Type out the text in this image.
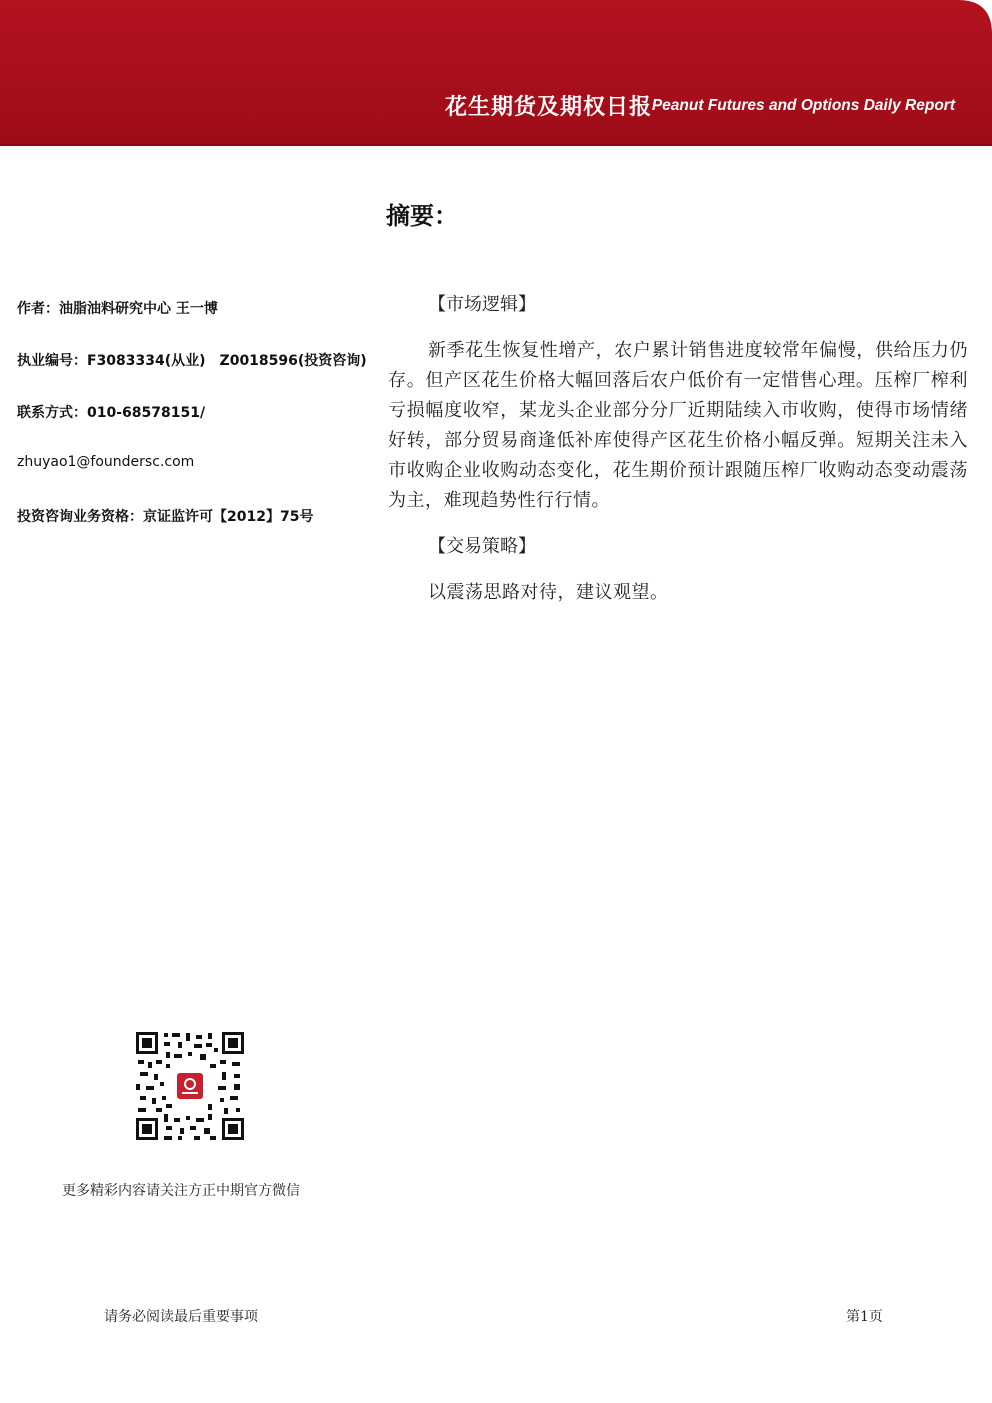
花生期货及期权日报 Peanut Futures and Options Daily Report
摘要：
作者：油脂油料研究中心 王一博
执业编号：F3083334(从业)　Z0018596(投资咨询)
联系方式：010-68578151/
zhuyao1@foundersc.com
投资咨询业务资格：京证监许可【2012】75号

【市场逻辑】

新季花生恢复性增产，农户累计销售进度较常年偏慢，供给压力仍存。但产区花生价格大幅回落后农户低价有一定惜售心理。压榨厂榨利亏损幅度收窄，某龙头企业部分分厂近期陆续入市收购，使得市场情绪好转，部分贸易商逢低补库使得产区花生价格小幅反弹。短期关注未入市收购企业收购动态变化，花生期价预计跟随压榨厂收购动态变动震荡为主，难现趋势性行行情。

【交易策略】

以震荡思路对待，建议观望。

更多精彩内容请关注方正中期官方微信
请务必阅读最后重要事项	第1页
